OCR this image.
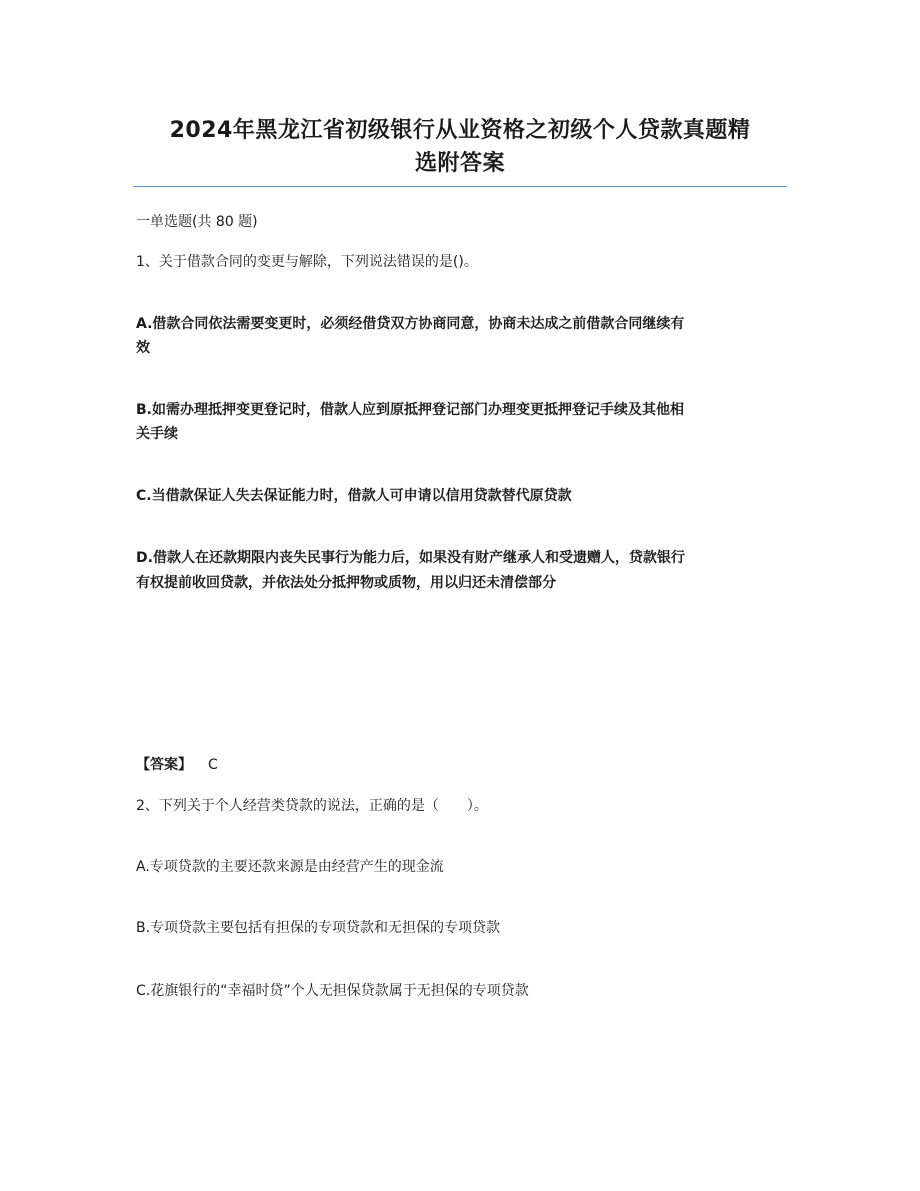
2024年黑龙江省初级银行从业资格之初级个人贷款真题精
选附答案
一单选题(共 80 题)
1、关于借款合同的变更与解除，下列说法错误的是()。
A.借款合同依法需要变更时，必须经借贷双方协商同意，协商未达成之前借款合同继续有
效
B.如需办理抵押变更登记时，借款人应到原抵押登记部门办理变更抵押登记手续及其他相
关手续
C.当借款保证人失去保证能力时，借款人可申请以信用贷款替代原贷款
D.借款人在还款期限内丧失民事行为能力后，如果没有财产继承人和受遗赠人，贷款银行
有权提前收回贷款，并依法处分抵押物或质物，用以归还未清偿部分
【答案】 C
2、下列关于个人经营类贷款的说法，正确的是（　　）。
A.专项贷款的主要还款来源是由经营产生的现金流
B.专项贷款主要包括有担保的专项贷款和无担保的专项贷款
C.花旗银行的“幸福时贷”个人无担保贷款属于无担保的专项贷款
